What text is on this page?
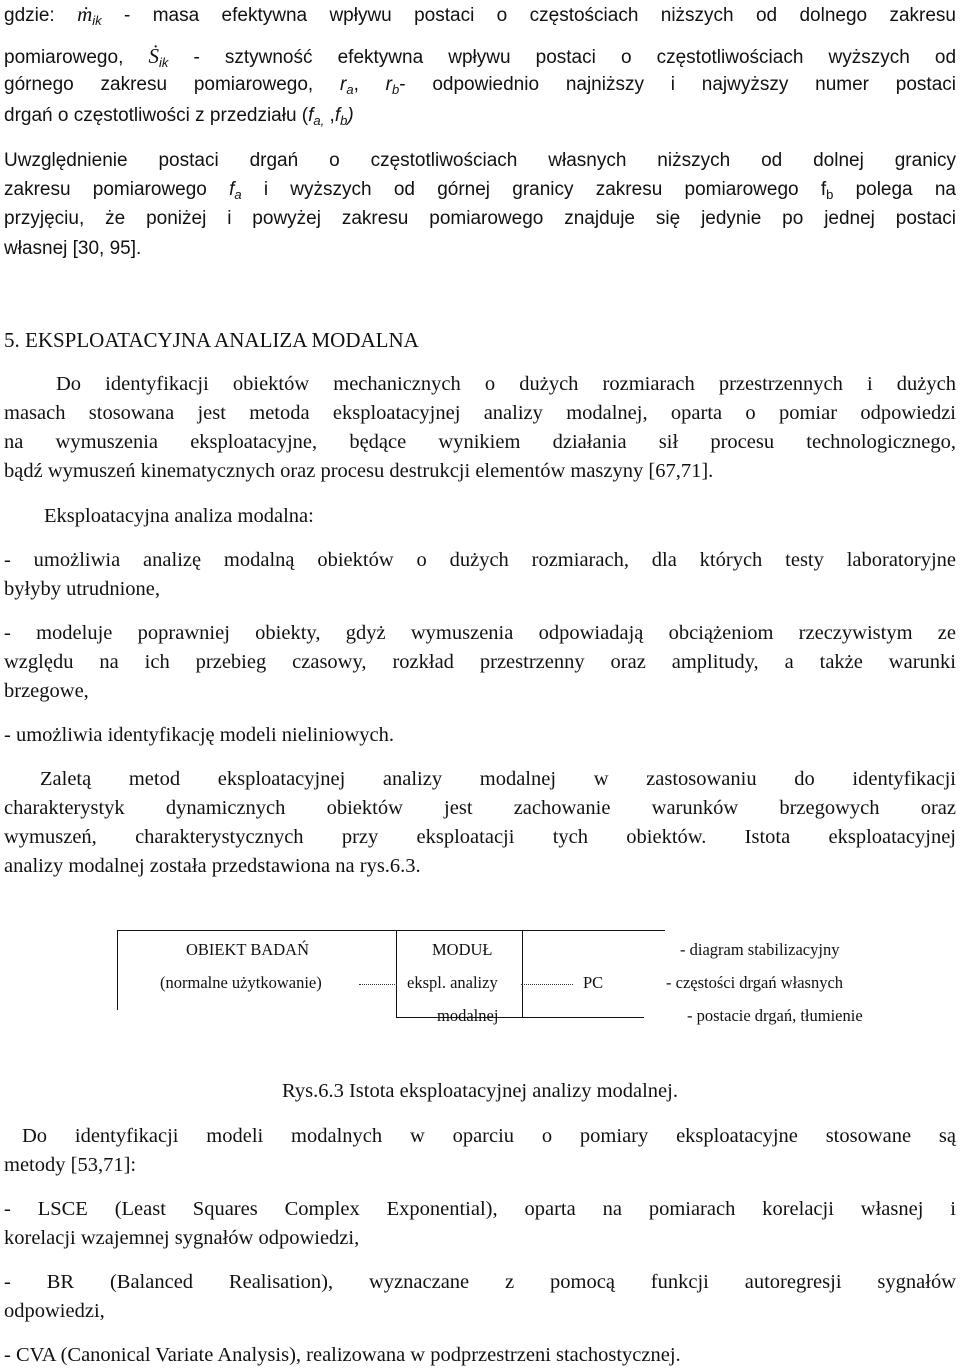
gdzie: ṁ$_{ik}$ - masa efektywna wpływu postaci o częstościach niższych od dolnego zakresu
pomiarowego, Ṡ$_{ik}$ - sztywność efektywna wpływu postaci o częstotliwościach wyższych od
górnego zakresu pomiarowego, $r_a$, $r_b-$ odpowiednio najniższy i najwyższy numer postaci
drgań o częstotliwości z przedziału ($f_{a,}$ $,f_b$)
Uwzględnienie postaci drgań o częstotliwościach własnych niższych od dolnej granicy
zakresu pomiarowego $f_a$ i wyższych od górnej granicy zakresu pomiarowego $f_b$ polega na
przyjęciu, że poniżej i powyżej zakresu pomiarowego znajduje się jedynie po jednej postaci
własnej [30, 95].
5. EKSPLOATACYJNA ANALIZA MODALNA
Do identyfikacji obiektów mechanicznych o dużych rozmiarach przestrzennych i dużych
masach stosowana jest metoda eksploatacyjnej analizy modalnej, oparta o pomiar odpowiedzi
na wymuszenia eksploatacyjne, będące wynikiem działania sił procesu technologicznego,
bądź wymuszeń kinematycznych oraz procesu destrukcji elementów maszyny [67,71].
Eksploatacyjna analiza modalna:
- umożliwia analizę modalną obiektów o dużych rozmiarach, dla których testy laboratoryjne
byłyby utrudnione,
- modeluje poprawniej obiekty, gdyż wymuszenia odpowiadają obciążeniom rzeczywistym ze
względu na ich przebieg czasowy, rozkład przestrzenny oraz amplitudy, a także warunki
brzegowe,
- umożliwia identyfikację modeli nieliniowych.
Zaletą metod eksploatacyjnej analizy modalnej w zastosowaniu do identyfikacji
charakterystyk dynamicznych obiektów jest zachowanie warunków brzegowych oraz
wymuszeń, charakterystycznych przy eksploatacji tych obiektów. Istota eksploatacyjnej
analizy modalnej została przedstawiona na rys.6.3.
OBIEKT BADAŃ
(normalne użytkowanie)
MODUŁ
ekspl. analizy
modalnej
PC
- diagram stabilizacyjny
- częstości drgań własnych
- postacie drgań, tłumienie
Rys.6.3 Istota eksploatacyjnej analizy modalnej.
Do identyfikacji modeli modalnych w oparciu o pomiary eksploatacyjne stosowane są
metody [53,71]:
- LSCE (Least Squares Complex Exponential), oparta na pomiarach korelacji własnej i
korelacji wzajemnej sygnałów odpowiedzi,
- BR (Balanced Realisation), wyznaczane z pomocą funkcji autoregresji sygnałów
odpowiedzi,
- CVA (Canonical Variate Analysis), realizowana w podprzestrzeni stachostycznej.
